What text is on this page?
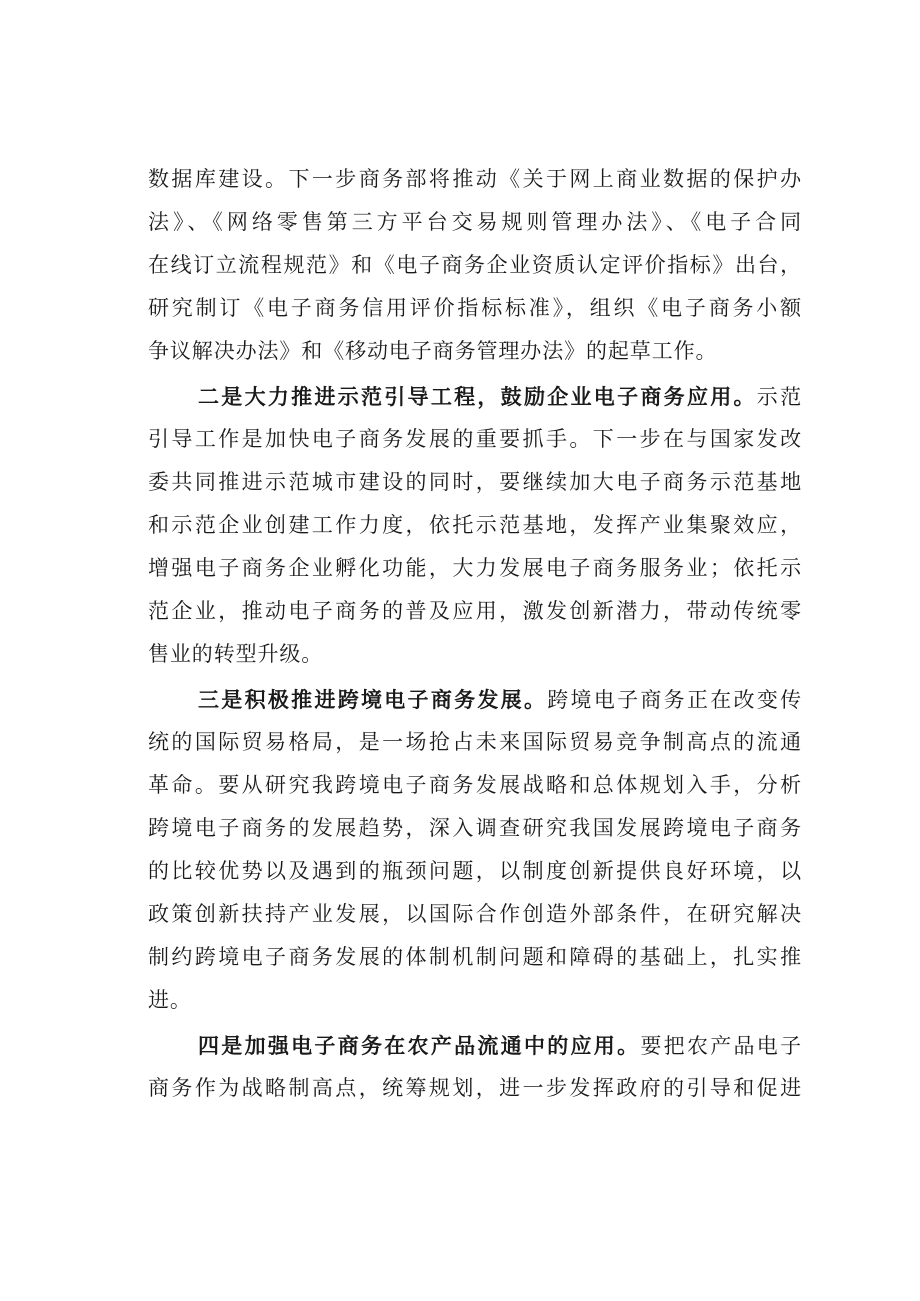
数据库建设。下一步商务部将推动《关于网上商业数据的保护办
法》、《网络零售第三方平台交易规则管理办法》、《电子合同
在线订立流程规范》和《电子商务企业资质认定评价指标》出台，
研究制订《电子商务信用评价指标标准》，组织《电子商务小额
争议解决办法》和《移动电子商务管理办法》的起草工作。
二是大力推进示范引导工程，鼓励企业电子商务应用。示范
引导工作是加快电子商务发展的重要抓手。下一步在与国家发改
委共同推进示范城市建设的同时，要继续加大电子商务示范基地
和示范企业创建工作力度，依托示范基地，发挥产业集聚效应，
增强电子商务企业孵化功能，大力发展电子商务服务业；依托示
范企业，推动电子商务的普及应用，激发创新潜力，带动传统零
售业的转型升级。
三是积极推进跨境电子商务发展。跨境电子商务正在改变传
统的国际贸易格局，是一场抢占未来国际贸易竞争制高点的流通
革命。要从研究我跨境电子商务发展战略和总体规划入手，分析
跨境电子商务的发展趋势，深入调查研究我国发展跨境电子商务
的比较优势以及遇到的瓶颈问题，以制度创新提供良好环境，以
政策创新扶持产业发展，以国际合作创造外部条件，在研究解决
制约跨境电子商务发展的体制机制问题和障碍的基础上，扎实推
进。
四是加强电子商务在农产品流通中的应用。要把农产品电子
商务作为战略制高点，统筹规划，进一步发挥政府的引导和促进
